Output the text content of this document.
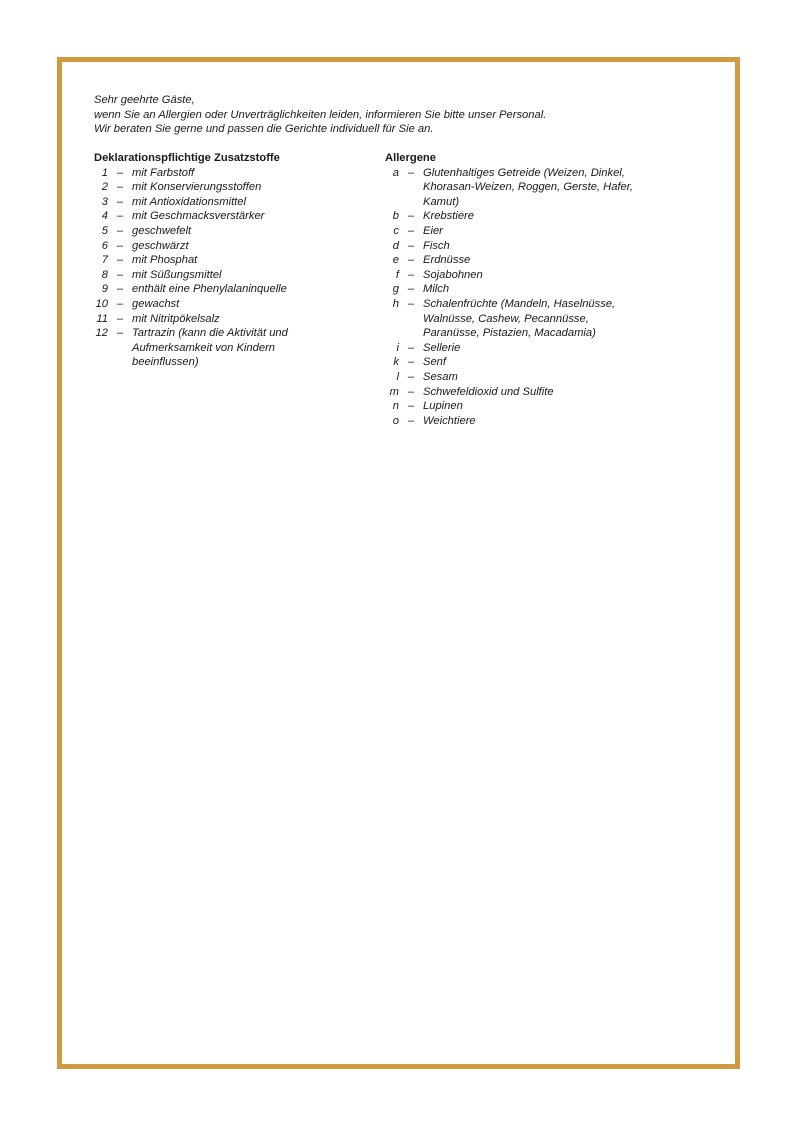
Sehr geehrte Gäste,
wenn Sie an Allergien oder Unverträglichkeiten leiden, informieren Sie bitte unser Personal.
Wir beraten Sie gerne und passen die Gerichte individuell für Sie an.
Deklarationspflichtige Zusatzstoffe
1 – mit Farbstoff
2 – mit Konservierungsstoffen
3 – mit Antioxidationsmittel
4 – mit Geschmacksverstärker
5 – geschwefelt
6 – geschwärzt
7 – mit Phosphat
8 – mit Süßungsmittel
9 – enthält eine Phenylalaninquelle
10 – gewachst
11 – mit Nitritpökelsalz
12 – Tartrazin (kann die Aktivität und Aufmerksamkeit von Kindern beeinflussen)
Allergene
a – Glutenhaltiges Getreide (Weizen, Dinkel, Khorasan-Weizen, Roggen, Gerste, Hafer, Kamut)
b – Krebstiere
c – Eier
d – Fisch
e – Erdnüsse
f – Sojabohnen
g – Milch
h – Schalenfrüchte (Mandeln, Haselnüsse, Walnüsse, Cashew, Pecannüsse, Paranüsse, Pistazien, Macadamia)
i – Sellerie
k – Senf
l – Sesam
m – Schwefeldioxid und Sulfite
n – Lupinen
o – Weichtiere
